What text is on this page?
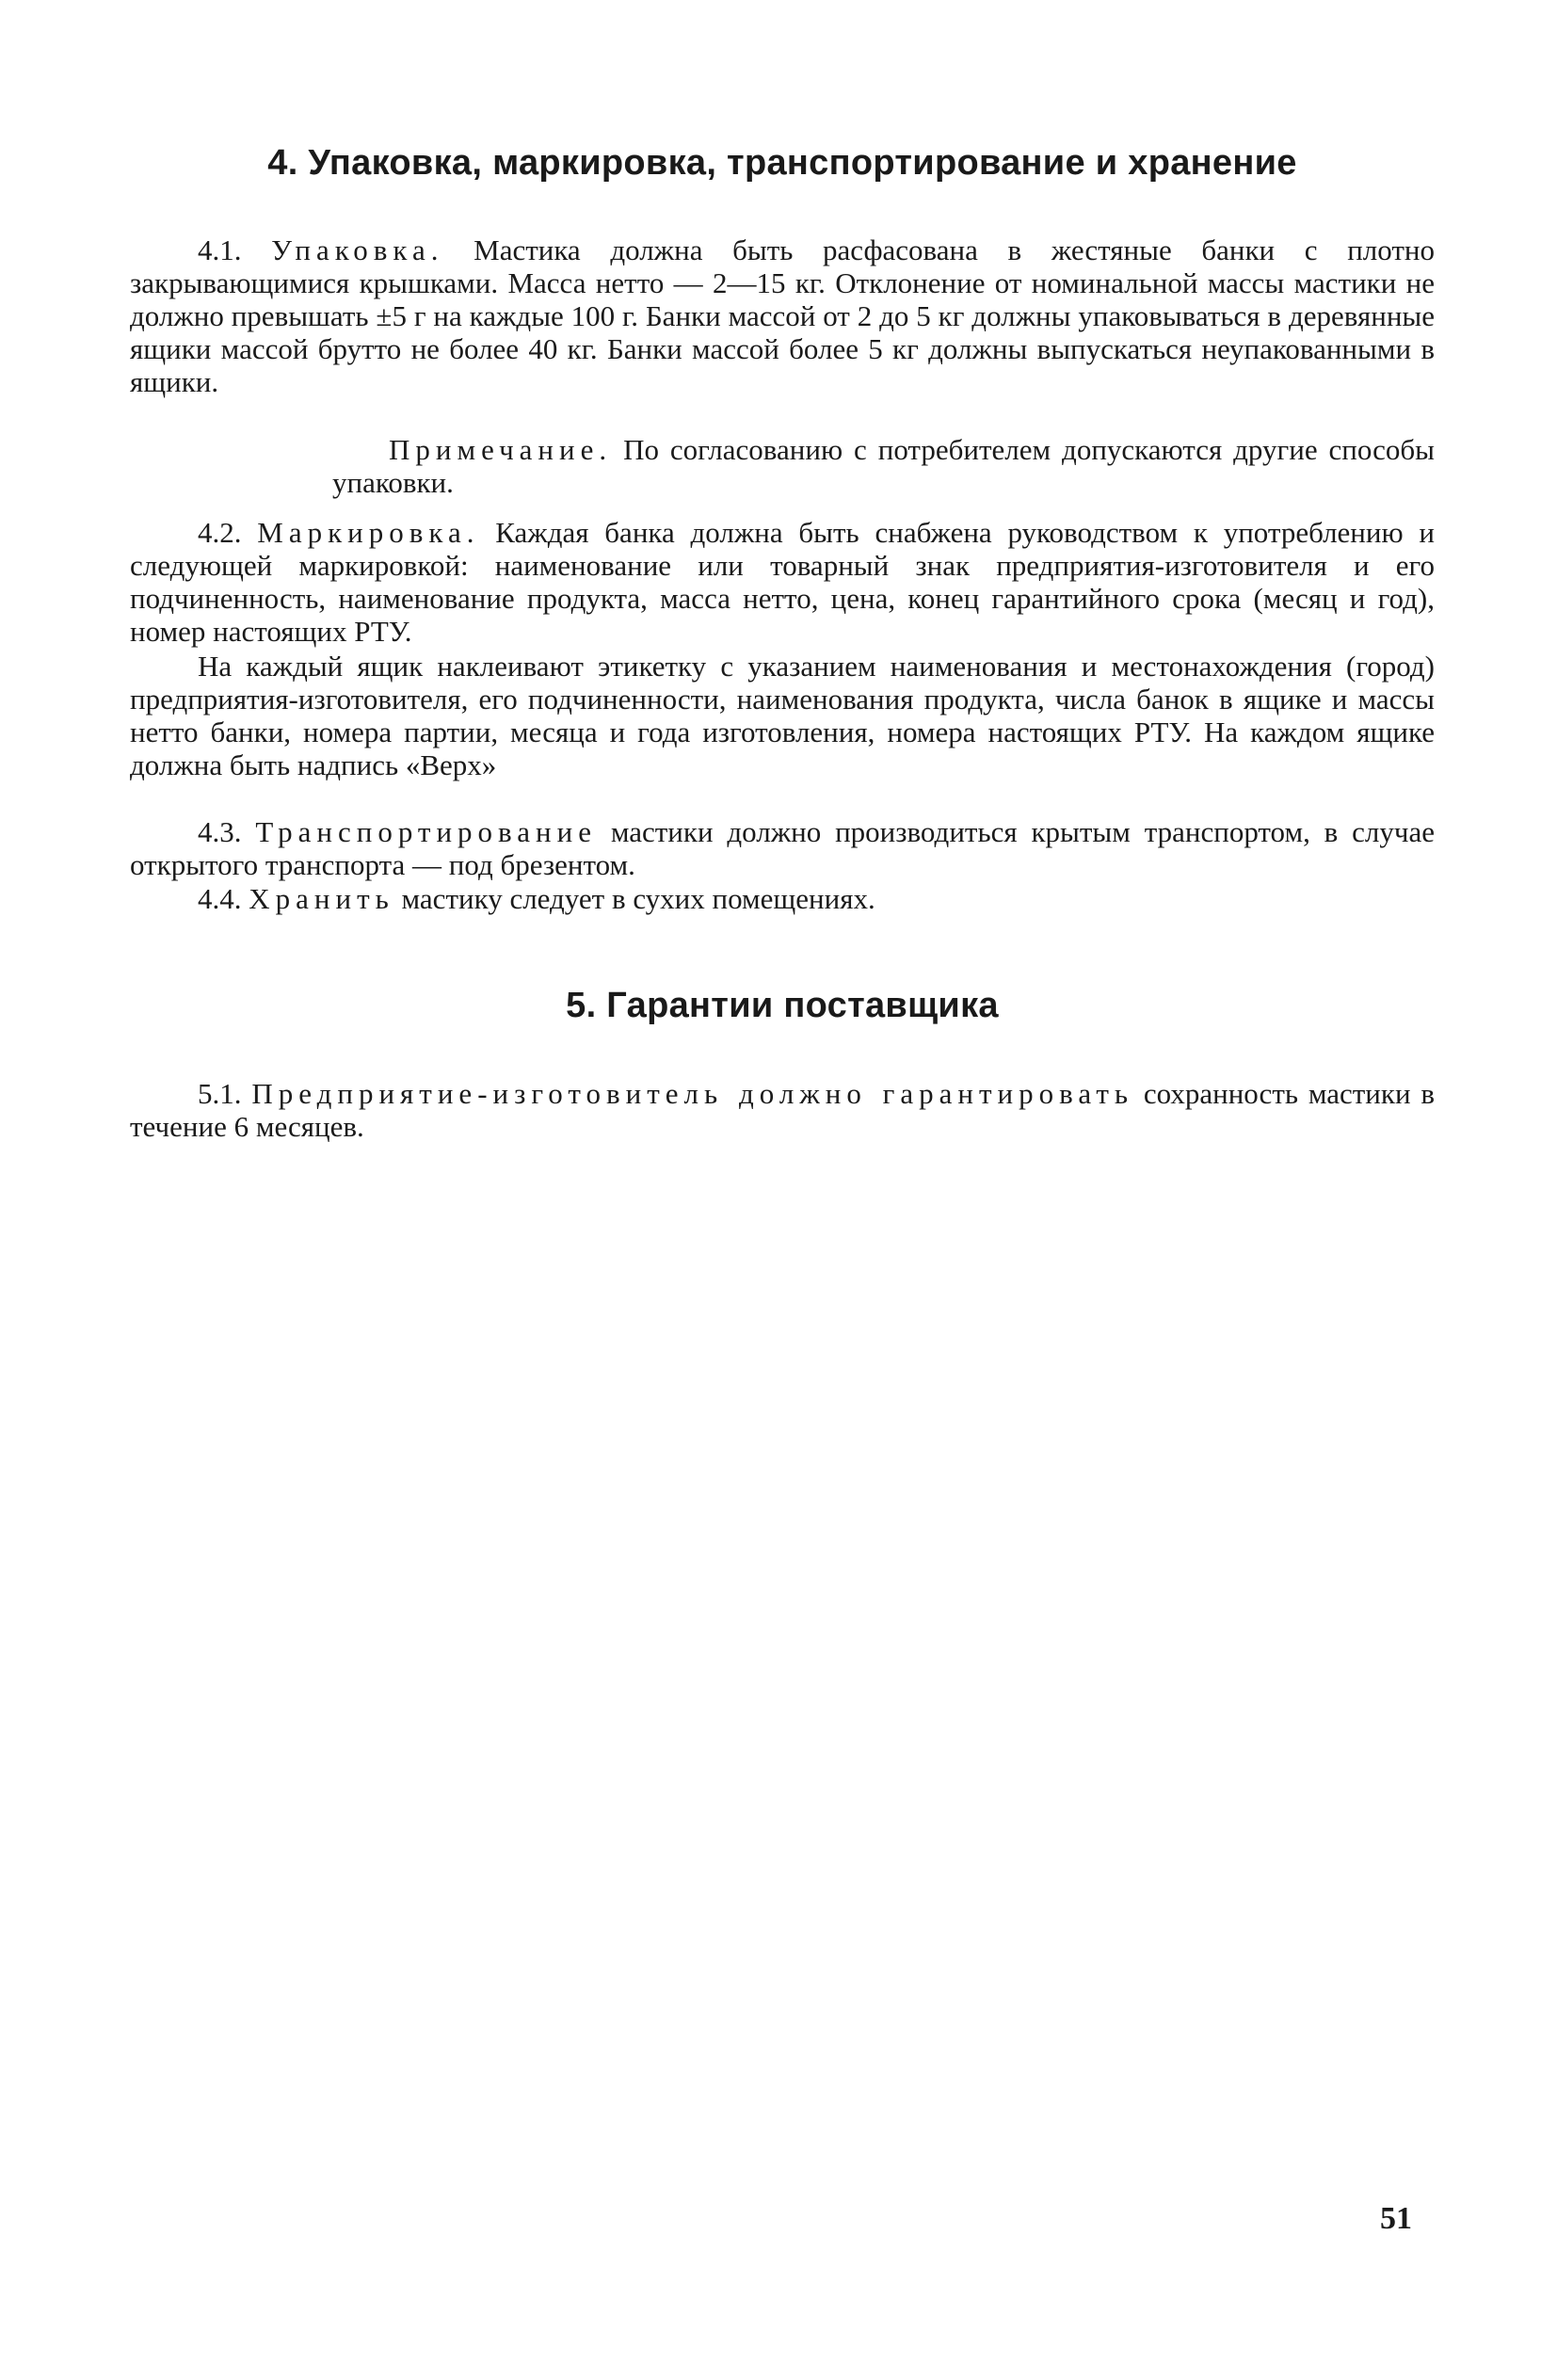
4. Упаковка, маркировка, транспортирование и хранение

4.1. Упаковка. Мастика должна быть расфасована в жестяные банки с плотно закрывающимися крышками. Масса нетто — 2—15 кг. Отклонение от номинальной массы мастики не должно превышать ±5 г на каждые 100 г. Банки массой от 2 до 5 кг должны упаковываться в деревянные ящики массой брутто не более 40 кг. Банки массой более 5 кг должны выпускаться неупакованными в ящики.

Примечание. По согласованию с потребителем допускаются другие способы упаковки.

4.2. Маркировка. Каждая банка должна быть снабжена руководством к употреблению и следующей маркировкой: наименование или товарный знак предприятия-изготовителя и его подчиненность, наименование продукта, масса нетто, цена, конец гарантийного срока (месяц и год), номер настоящих РТУ.

На каждый ящик наклеивают этикетку с указанием наименования и местонахождения (город) предприятия-изготовителя, его подчиненности, наименования продукта, числа банок в ящике и массы нетто банки, номера партии, месяца и года изготовления, номера настоящих РТУ. На каждом ящике должна быть надпись «Верх»

4.3. Транспортирование мастики должно производиться крытым транспортом, в случае открытого транспорта — под брезентом.

4.4. Хранить мастику следует в сухих помещениях.

5. Гарантии поставщика

5.1. Предприятие-изготовитель должно гарантировать сохранность мастики в течение 6 месяцев.

51
